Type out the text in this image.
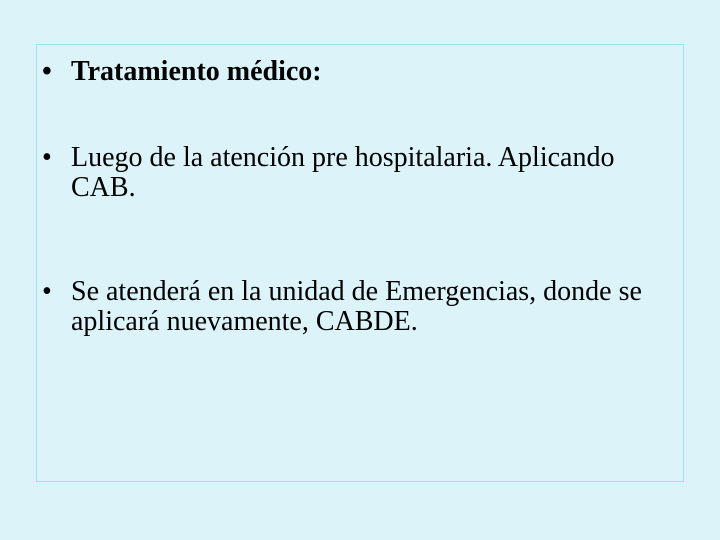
• Tratamiento médico:
• Luego de la atención pre hospitalaria. Aplicando CAB.
• Se atenderá en la unidad de Emergencias, donde se aplicará nuevamente, CABDE.
